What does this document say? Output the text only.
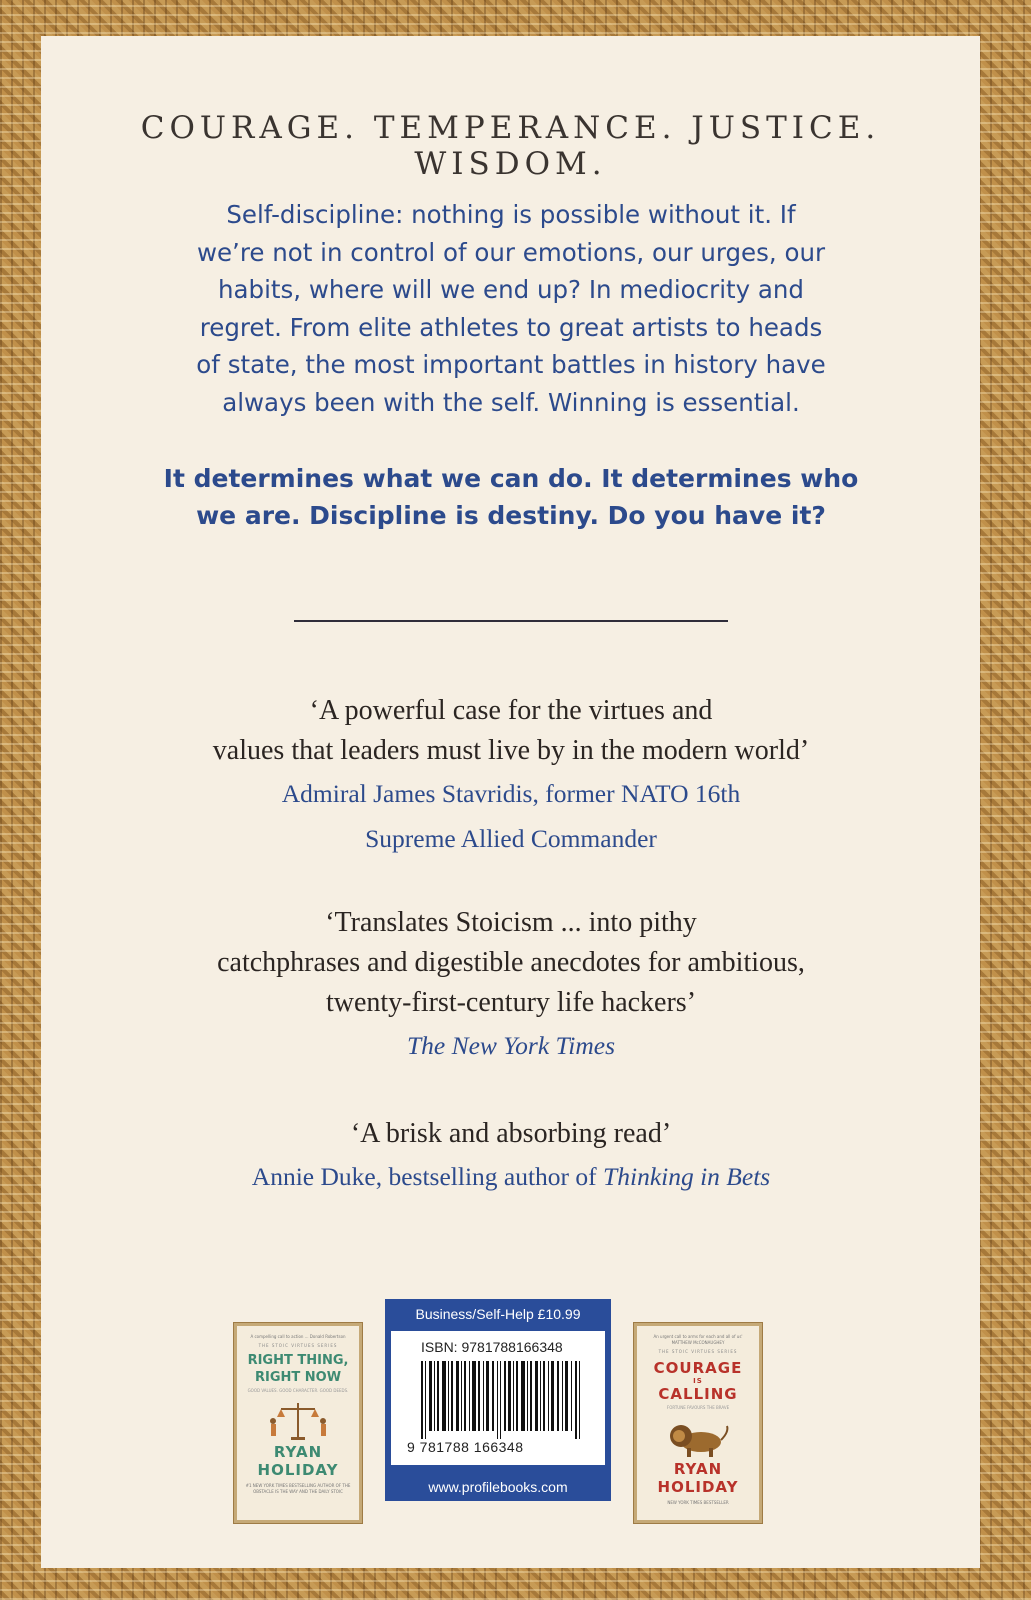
COURAGE. TEMPERANCE. JUSTICE. WISDOM.
Self-discipline: nothing is possible without it. If
we’re not in control of our emotions, our urges, our
habits, where will we end up? In mediocrity and
regret. From elite athletes to great artists to heads
of state, the most important battles in history have
always been with the self. Winning is essential.
It determines what we can do. It determines who
we are. Discipline is destiny. Do you have it?
‘A powerful case for the virtues and
values that leaders must live by in the modern world’
Admiral James Stavridis, former NATO 16th
Supreme Allied Commander
‘Translates Stoicism ... into pithy
catchphrases and digestible anecdotes for ambitious,
twenty-first-century life hackers’
The New York Times
‘A brisk and absorbing read’
Annie Duke, bestselling author of Thinking in Bets
A compelling call to action ... Donald Robertson
THE STOIC VIRTUES SERIES
RIGHT THING,
RIGHT NOW
GOOD VALUES. GOOD CHARACTER. GOOD DEEDS.
RYAN
HOLIDAY
#1 NEW YORK TIMES BESTSELLING AUTHOR OF THE OBSTACLE IS THE WAY AND THE DAILY STOIC
Business/Self-Help £10.99
ISBN: 9781788166348
9 781788 166348
www.profilebooks.com
An urgent call to arms for each and all of us' MATTHEW McCONAUGHEY
THE STOIC VIRTUES SERIES
COURAGE
IS
CALLING
FORTUNE FAVOURS THE BRAVE
RYAN
HOLIDAY
NEW YORK TIMES BESTSELLER
